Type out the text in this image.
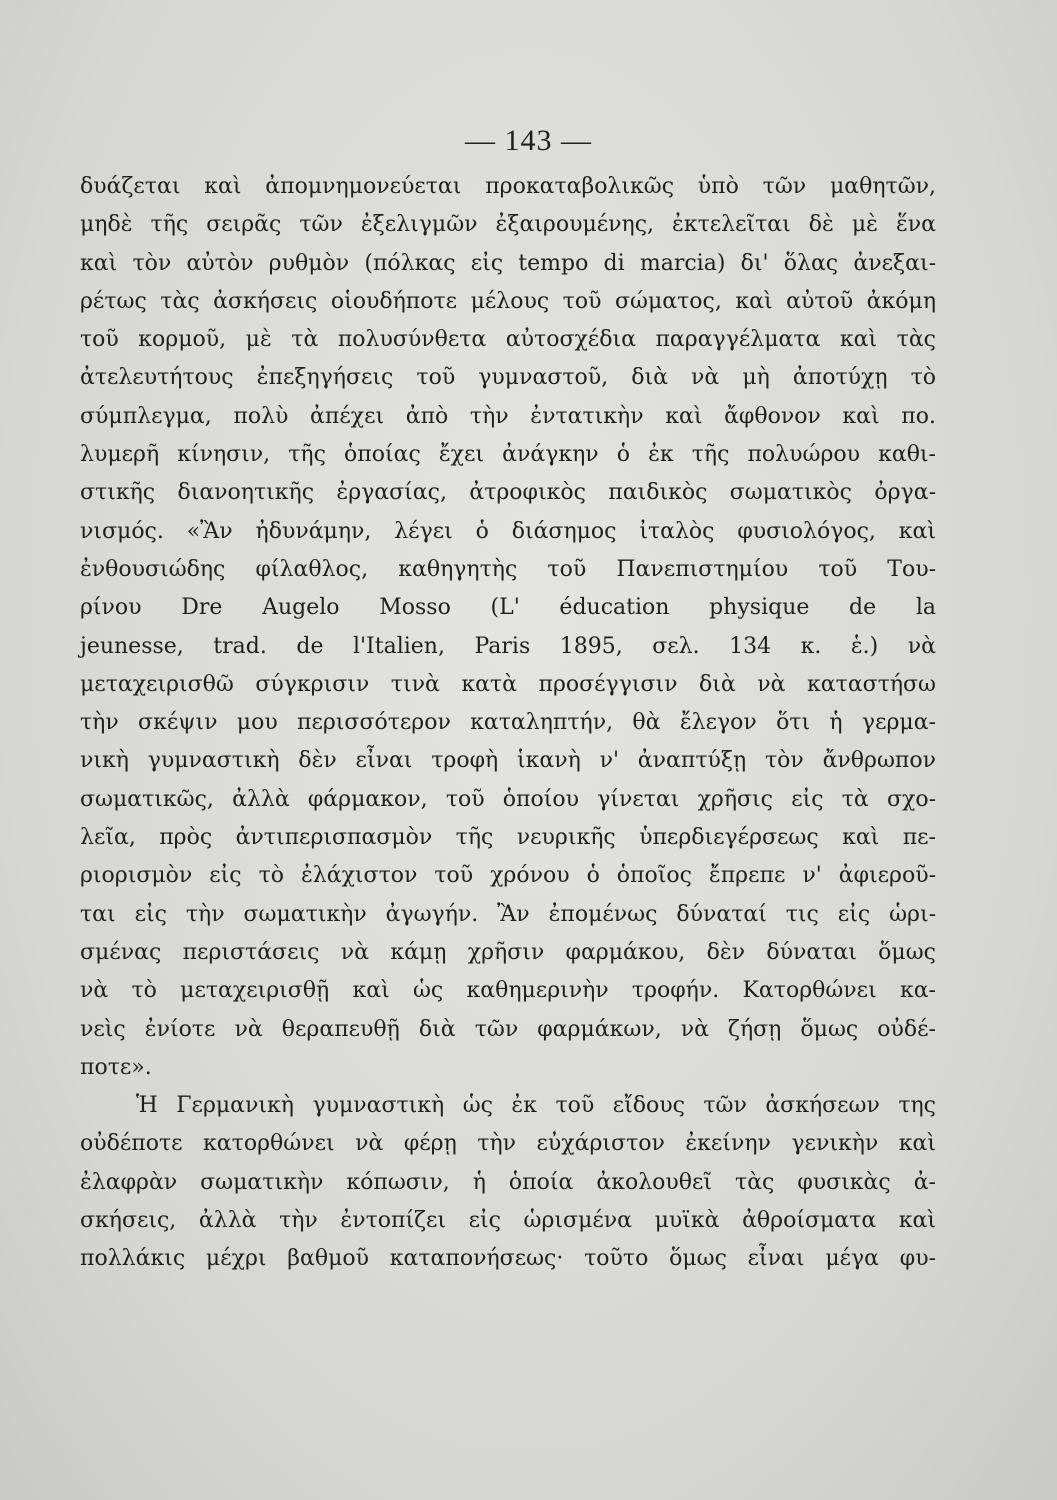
— 143 —
δυάζεται καὶ ἀπομνημονεύεται προκαταβολικῶς ὑπὸ τῶν μαθητῶν,
μηδὲ τῆς σειρᾶς τῶν ἐξελιγμῶν ἐξαιρουμένης, ἐκτελεῖται δὲ μὲ ἕνα
καὶ τὸν αὐτὸν ρυθμὸν (πόλκας εἰς tempo di marcia) δι' ὅλας ἀνεξαι-
ρέτως τὰς ἀσκήσεις οἱουδήποτε μέλους τοῦ σώματος, καὶ αὐτοῦ ἀκόμη
τοῦ κορμοῦ, μὲ τὰ πολυσύνθετα αὐτοσχέδια παραγγέλματα καὶ τὰς
ἀτελευτήτους ἐπεξηγήσεις τοῦ γυμναστοῦ, διὰ νὰ μὴ ἀποτύχῃ τὸ
σύμπλεγμα, πολὺ ἀπέχει ἀπὸ τὴν ἐντατικὴν καὶ ἄφθονον καὶ πο.
λυμερῆ κίνησιν, τῆς ὁποίας ἔχει ἀνάγκην ὁ ἐκ τῆς πολυώρου καθι-
στικῆς διανοητικῆς ἐργασίας, ἀτροφικὸς παιδικὸς σωματικὸς ὀργα-
νισμός. «Ἂν ἠδυνάμην, λέγει ὁ διάσημος ἰταλὸς φυσιολόγος, καὶ
ἐνθουσιώδης φίλαθλος, καθηγητὴς τοῦ Πανεπιστημίου τοῦ Του-
ρίνου Dre Augelo Mosso (L' éducation physique de la
jeunesse, trad. de l'Italien, Paris 1895, σελ. 134 κ. ἑ.) νὰ
μεταχειρισθῶ σύγκρισιν τινὰ κατὰ προσέγγισιν διὰ νὰ καταστήσω
τὴν σκέψιν μου περισσότερον καταληπτήν, θὰ ἔλεγον ὅτι ἡ γερμα-
νικὴ γυμναστικὴ δὲν εἶναι τροφὴ ἱκανὴ ν' ἀναπτύξῃ τὸν ἄνθρωπον
σωματικῶς, ἀλλὰ φάρμακον, τοῦ ὁποίου γίνεται χρῆσις εἰς τὰ σχο-
λεῖα, πρὸς ἀντιπερισπασμὸν τῆς νευρικῆς ὑπερδιεγέρσεως καὶ πε-
ριορισμὸν εἰς τὸ ἐλάχιστον τοῦ χρόνου ὁ ὁποῖος ἔπρεπε ν' ἀφιεροῦ-
ται εἰς τὴν σωματικὴν ἀγωγήν. Ἂν ἐπομένως δύναταί τις εἰς ὡρι-
σμένας περιστάσεις νὰ κάμῃ χρῆσιν φαρμάκου, δὲν δύναται ὅμως
νὰ τὸ μεταχειρισθῇ καὶ ὡς καθημερινὴν τροφήν. Κατορθώνει κα-
νεὶς ἐνίοτε νὰ θεραπευθῇ διὰ τῶν φαρμάκων, νὰ ζήσῃ ὅμως οὐδέ-
ποτε».
Ἡ Γερμανικὴ γυμναστικὴ ὡς ἐκ τοῦ εἴδους τῶν ἀσκήσεων της
οὐδέποτε κατορθώνει νὰ φέρῃ τὴν εὐχάριστον ἐκείνην γενικὴν καὶ
ἐλαφρὰν σωματικὴν κόπωσιν, ἡ ὁποία ἀκολουθεῖ τὰς φυσικὰς ἀ-
σκήσεις, ἀλλὰ τὴν ἐντοπίζει εἰς ὡρισμένα μυϊκὰ ἀθροίσματα καὶ
πολλάκις μέχρι βαθμοῦ καταπονήσεως· τοῦτο ὅμως εἶναι μέγα φυ-
